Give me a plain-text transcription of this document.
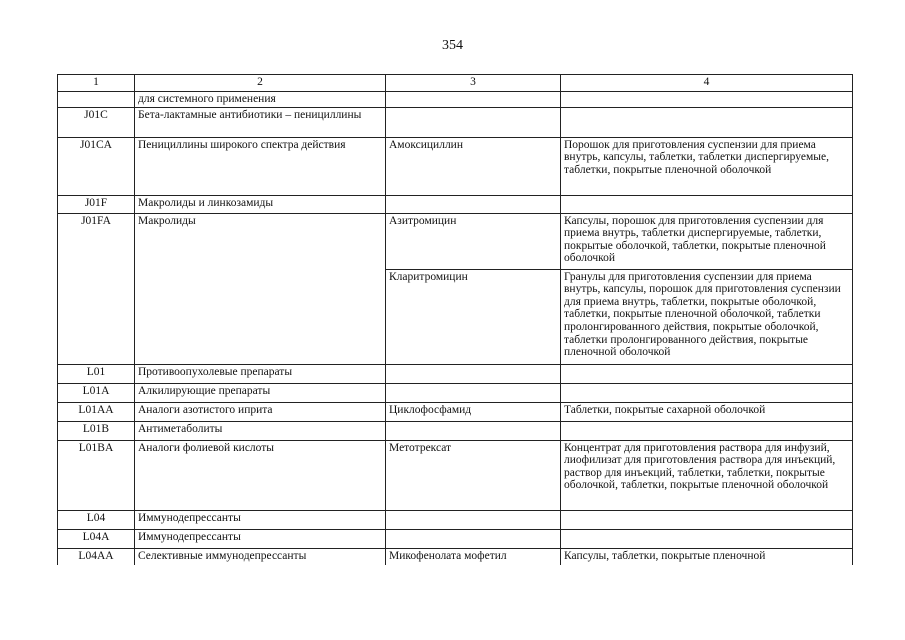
354
1	2	3	4
	для системного применения		
J01C	Бета-лактамные антибиотики – пенициллины		
J01CA	Пенициллины широкого спектра действия	Амоксициллин	Порошок для приготовления суспензии для приема внутрь, капсулы, таблетки, таблетки диспергируемые, таблетки, покрытые пленочной оболочкой
J01F	Макролиды и линкозамиды		
J01FA	Макролиды	Азитромицин	Капсулы, порошок для приготовления суспензии для приема внутрь, таблетки диспергируемые, таблетки, покрытые оболочкой, таблетки, покрытые пленочной оболочкой
		Кларитромицин	Гранулы для приготовления суспензии для приема внутрь, капсулы, порошок для приготовления суспензии для приема внутрь, таблетки, покрытые оболочкой, таблетки, покрытые пленочной оболочкой, таблетки пролонгированного действия, покрытые оболочкой, таблетки пролонгированного действия, покрытые пленочной оболочкой
L01	Противоопухолевые препараты		
L01A	Алкилирующие препараты		
L01AA	Аналоги азотистого иприта	Циклофосфамид	Таблетки, покрытые сахарной оболочкой
L01B	Антиметаболиты		
L01BA	Аналоги фолиевой кислоты	Метотрексат	Концентрат для приготовления раствора для инфузий, лиофилизат для приготовления раствора для инъекций, раствор для инъекций, таблетки, таблетки, покрытые оболочкой, таблетки, покрытые пленочной оболочкой
L04	Иммунодепрессанты		
L04A	Иммунодепрессанты		
L04AA	Селективные иммунодепрессанты	Микофенолата мофетил	Капсулы, таблетки, покрытые пленочной
